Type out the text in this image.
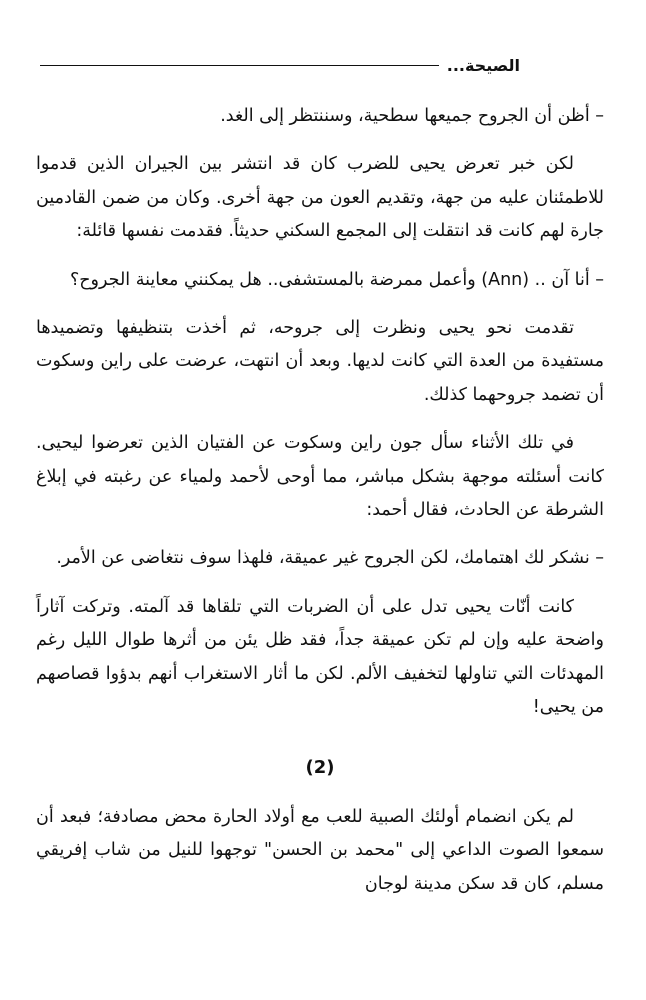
الصيحة...

– أظن أن الجروح جميعها سطحية، وسننتظر إلى الغد.

لكن خبر تعرض يحيى للضرب كان قد انتشر بين الجيران الذين قدموا للاطمئنان عليه من جهة، وتقديم العون من جهة أخرى. وكان من ضمن القادمين جارة لهم كانت قد انتقلت إلى المجمع السكني حديثاً. فقدمت نفسها قائلة:

– أنا آن .. (Ann) وأعمل ممرضة بالمستشفى.. هل يمكنني معاينة الجروح؟

تقدمت نحو يحيى ونظرت إلى جروحه، ثم أخذت بتنظيفها وتضميدها مستفيدة من العدة التي كانت لديها. وبعد أن انتهت، عرضت على راين وسكوت أن تضمد جروحهما كذلك.

في تلك الأثناء سأل جون راين وسكوت عن الفتيان الذين تعرضوا ليحيى. كانت أسئلته موجهة بشكل مباشر، مما أوحى لأحمد ولمياء عن رغبته في إبلاغ الشرطة عن الحادث، فقال أحمد:

– نشكر لك اهتمامك، لكن الجروح غير عميقة، فلهذا سوف نتغاضى عن الأمر.

كانت أنّات يحيى تدل على أن الضربات التي تلقاها قد آلمته. وتركت آثاراً واضحة عليه وإن لم تكن عميقة جداً، فقد ظل يئن من أثرها طوال الليل رغم المهدئات التي تناولها لتخفيف الألم. لكن ما أثار الاستغراب أنهم بدؤوا قصاصهم من يحيى!

(2)

لم يكن انضمام أولئك الصبية للعب مع أولاد الحارة محض مصادفة؛ فبعد أن سمعوا الصوت الداعي إلى "محمد بن الحسن" توجهوا للنيل من شاب إفريقي مسلم، كان قد سكن مدينة لوجان
